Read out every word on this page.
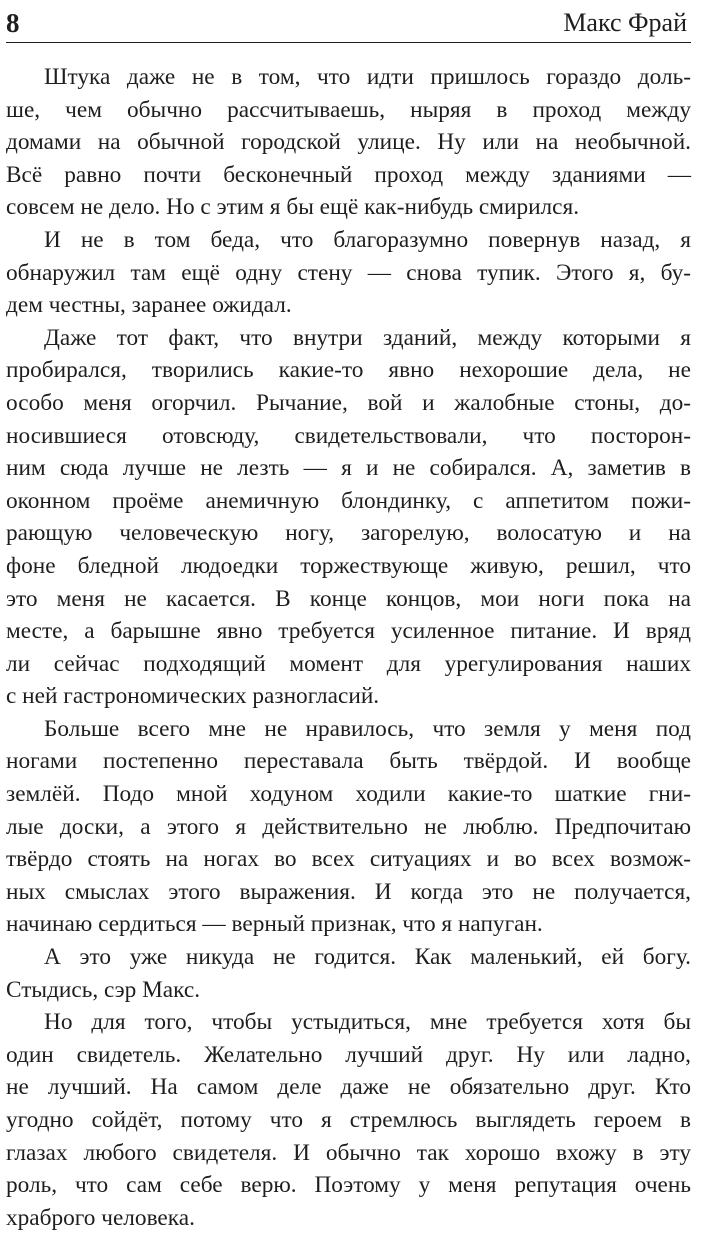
8	Макс Фрай

Штука даже не в том, что идти пришлось гораздо доль-
ше, чем обычно рассчитываешь, ныряя в проход между
домами на обычной городской улице. Ну или на необычной.
Всё равно почти бесконечный проход между зданиями —
совсем не дело. Но с этим я бы ещё как-нибудь смирился.

И не в том беда, что благоразумно повернув назад, я
обнаружил там ещё одну стену — снова тупик. Этого я, бу-
дем честны, заранее ожидал.

Даже тот факт, что внутри зданий, между которыми я
пробирался, творились какие-то явно нехорошие дела, не
особо меня огорчил. Рычание, вой и жалобные стоны, до-
носившиеся отовсюду, свидетельствовали, что посторон-
ним сюда лучше не лезть — я и не собирался. А, заметив в
оконном проёме анемичную блондинку, с аппетитом пожи-
рающую человеческую ногу, загорелую, волосатую и на
фоне бледной людоедки торжествующе живую, решил, что
это меня не касается. В конце концов, мои ноги пока на
месте, а барышне явно требуется усиленное питание. И вряд
ли сейчас подходящий момент для урегулирования наших
с ней гастрономических разногласий.

Больше всего мне не нравилось, что земля у меня под
ногами постепенно переставала быть твёрдой. И вообще
землёй. Подо мной ходуном ходили какие-то шаткие гни-
лые доски, а этого я действительно не люблю. Предпочитаю
твёрдо стоять на ногах во всех ситуациях и во всех возмож-
ных смыслах этого выражения. И когда это не получается,
начинаю сердиться — верный признак, что я напуган.

А это уже никуда не годится. Как маленький, ей богу.
Стыдись, сэр Макс.

Но для того, чтобы устыдиться, мне требуется хотя бы
один свидетель. Желательно лучший друг. Ну или ладно,
не лучший. На самом деле даже не обязательно друг. Кто
угодно сойдёт, потому что я стремлюсь выглядеть героем в
глазах любого свидетеля. И обычно так хорошо вхожу в эту
роль, что сам себе верю. Поэтому у меня репутация очень
храброго человека.
